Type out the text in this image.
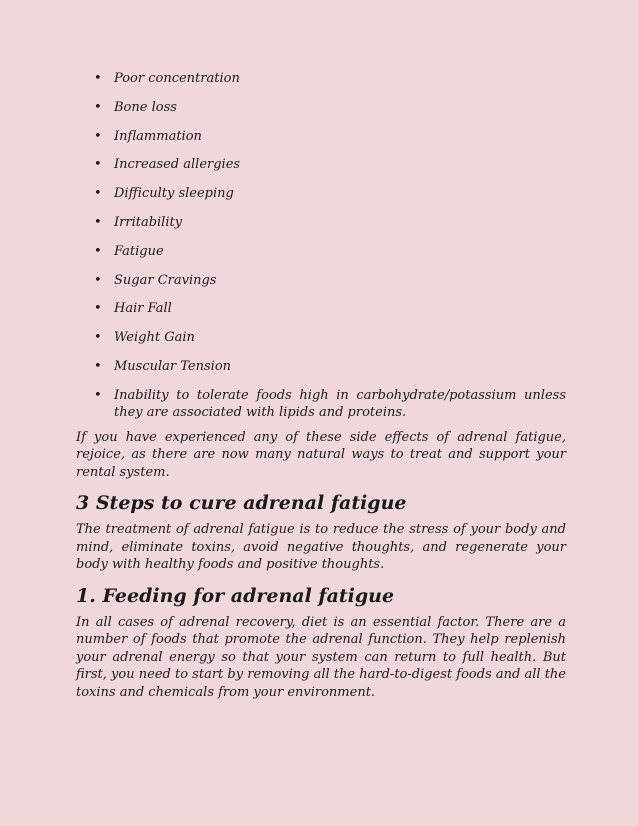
• Poor concentration
• Bone loss
• Inflammation
• Increased allergies
• Difficulty sleeping
• Irritability
• Fatigue
• Sugar Cravings
• Hair Fall
• Weight Gain
• Muscular Tension
• Inability to tolerate foods high in carbohydrate/potassium unless they are associated with lipids and proteins.

If you have experienced any of these side effects of adrenal fatigue, rejoice, as there are now many natural ways to treat and support your rental system.

3 Steps to cure adrenal fatigue

The treatment of adrenal fatigue is to reduce the stress of your body and mind, eliminate toxins, avoid negative thoughts, and regenerate your body with healthy foods and positive thoughts.

1. Feeding for adrenal fatigue

In all cases of adrenal recovery, diet is an essential factor. There are a number of foods that promote the adrenal function. They help replenish your adrenal energy so that your system can return to full health. But first, you need to start by removing all the hard-to-digest foods and all the toxins and chemicals from your environment.
